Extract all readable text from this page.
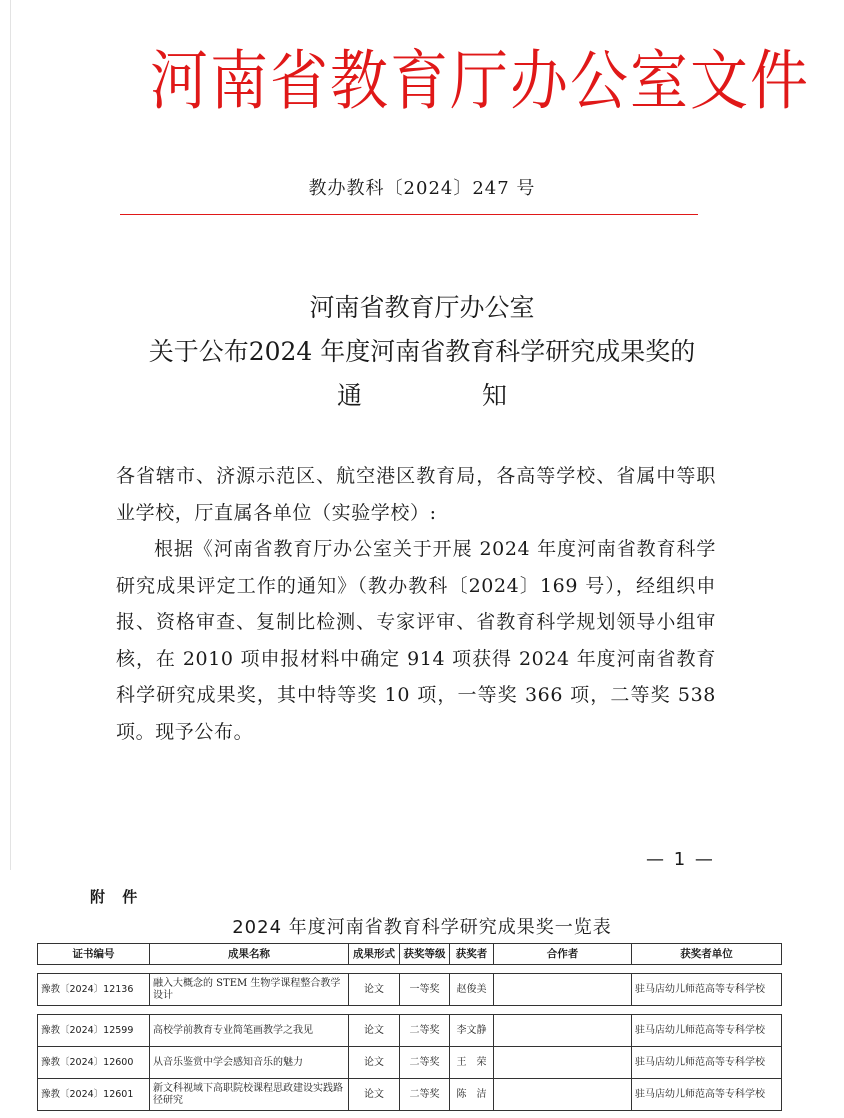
河南省教育厅办公室文件
教办教科〔2024〕247 号
河南省教育厅办公室
关于公布2024 年度河南省教育科学研究成果奖的
通	知

各省辖市、济源示范区、航空港区教育局，各高等学校、省属中等职业学校，厅直属各单位（实验学校）:

根据《河南省教育厅办公室关于开展 2024 年度河南省教育科学研究成果评定工作的通知》（教办教科〔2024〕169 号），经组织申报、资格审查、复制比检测、专家评审、省教育科学规划领导小组审核，在 2010 项申报材料中确定 914 项获得 2024 年度河南省教育科学研究成果奖，其中特等奖 10 项，一等奖 366 项，二等奖 538 项。现予公布。

— 1 —
附 件
2024 年度河南省教育科学研究成果奖一览表
证书编号	成果名称	成果形式	获奖等级	获奖者	合作者	获奖者单位

豫教〔2024〕12136	融入大概念的 STEM 生物学课程整合教学设计	论文	一等奖	赵俊美		驻马店幼儿师范高等专科学校

豫教〔2024〕12599	高校学前教育专业简笔画教学之我见	论文	二等奖	李文静		驻马店幼儿师范高等专科学校
豫教〔2024〕12600	从音乐鉴赏中学会感知音乐的魅力	论文	二等奖	王　荣		驻马店幼儿师范高等专科学校
豫教〔2024〕12601	新文科视域下高职院校课程思政建设实践路径研究	论文	二等奖	陈　洁		驻马店幼儿师范高等专科学校
